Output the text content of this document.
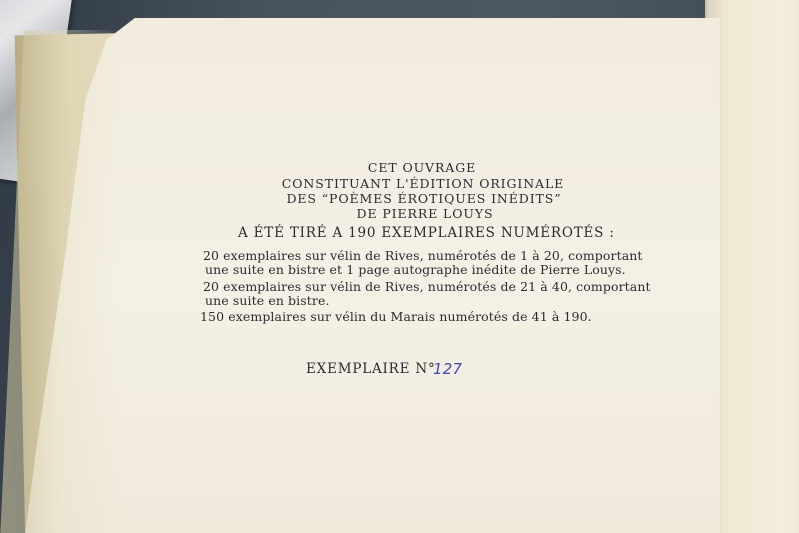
CET OUVRAGE
CONSTITUANT L'ÉDITION ORIGINALE
DES “POÈMES ÉROTIQUES INÉDITS”
DE PIERRE LOUYS
A ÉTÉ TIRÉ A 190 EXEMPLAIRES NUMÉROTÉS :
20 exemplaires sur vélin de Rives, numérotés de 1 à 20, comportant
une suite en bistre et 1 page autographe inédite de Pierre Louys.
20 exemplaires sur vélin de Rives, numérotés de 21 à 40, comportant
une suite en bistre.
150 exemplaires sur vélin du Marais numérotés de 41 à 190.
EXEMPLAIRE N°
127
